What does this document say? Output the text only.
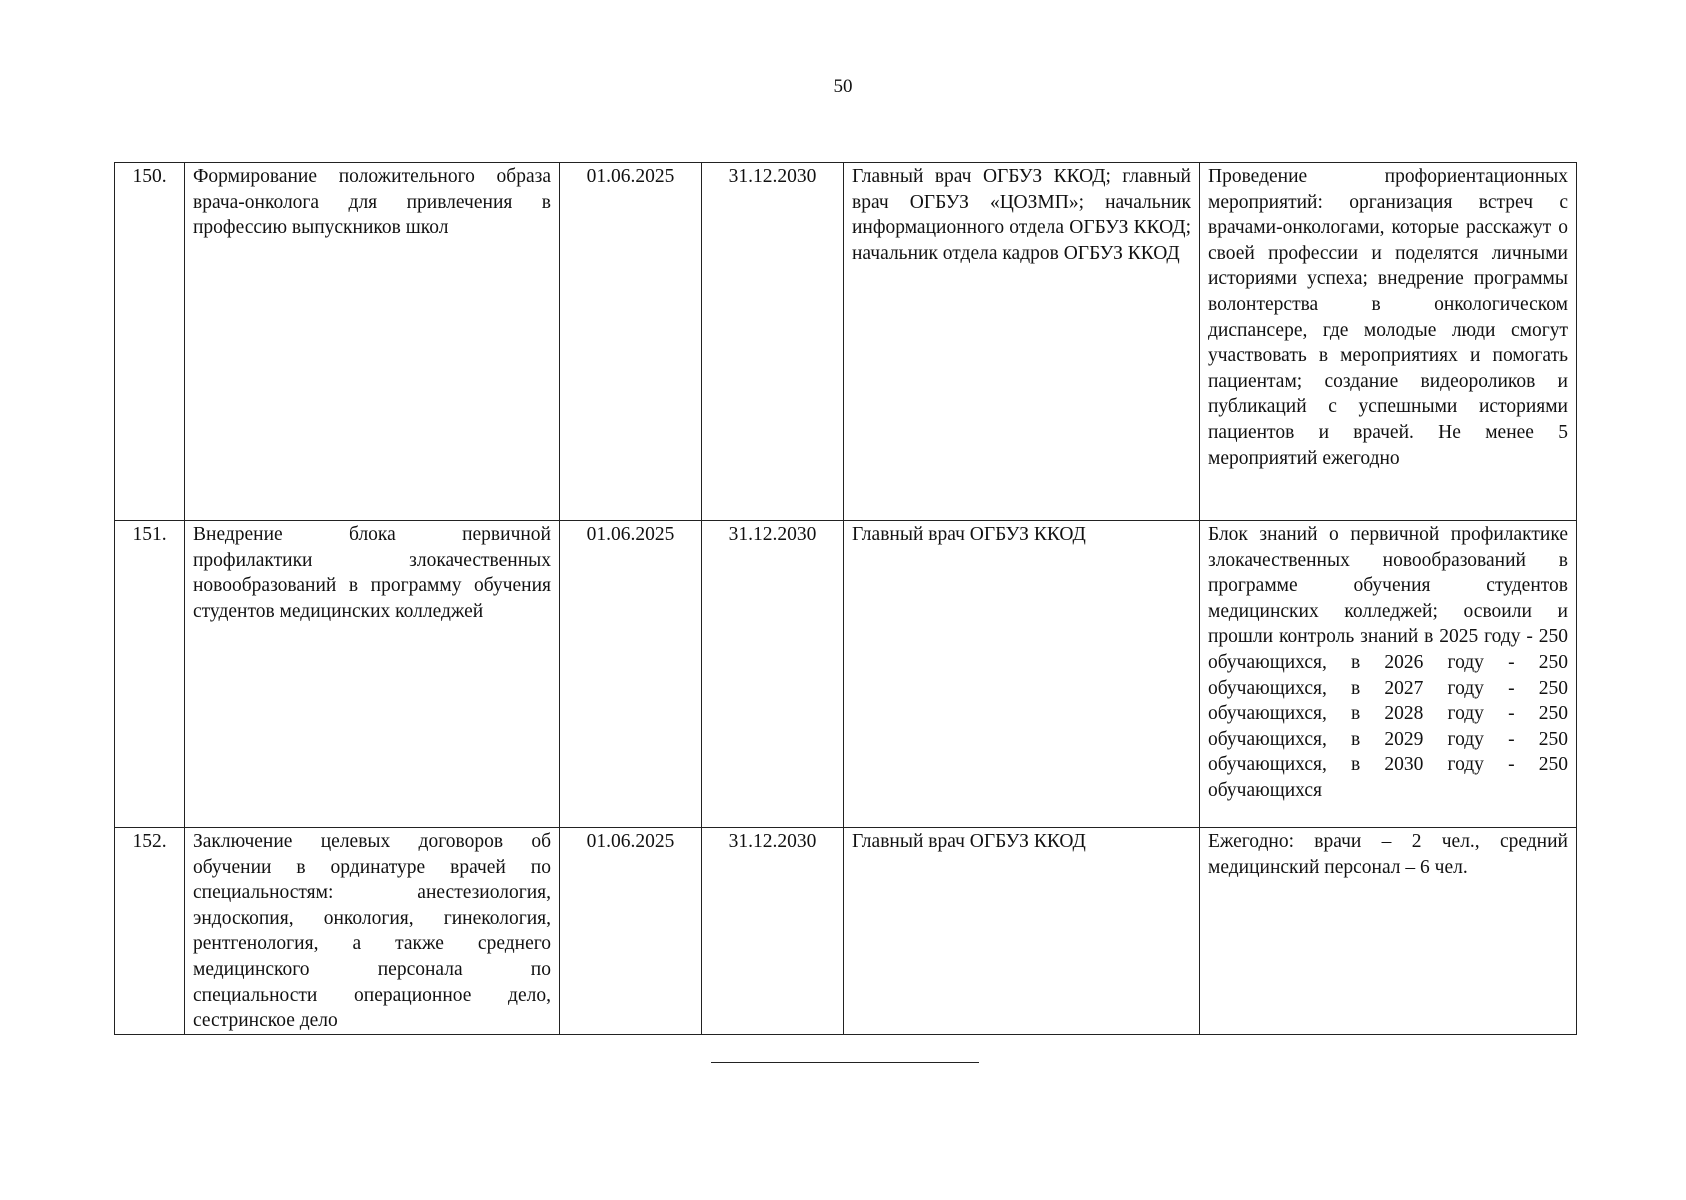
50
150.	Формирование положительного образа врача-онколога для привлечения в профессию выпускников школ	01.06.2025	31.12.2030	Главный врач ОГБУЗ ККОД; главный врач ОГБУЗ «ЦОЗМП»; начальник информационного отдела ОГБУЗ ККОД; начальник отдела кадров ОГБУЗ ККОД	Проведение профориентационных мероприятий: организация встреч с врачами-онкологами, которые расскажут о своей профессии и поделятся личными историями успеха; внедрение программы волонтерства в онкологическом диспансере, где молодые люди смогут участвовать в мероприятиях и помогать пациентам; создание видеороликов и публикаций с успешными историями пациентов и врачей. Не менее 5 мероприятий ежегодно
151.	Внедрение блока первичной профилактики злокачественных новообразований в программу обучения студентов медицинских колледжей	01.06.2025	31.12.2030	Главный врач ОГБУЗ ККОД	Блок знаний о первичной профилактике злокачественных новообразований в программе обучения студентов медицинских колледжей; освоили и прошли контроль знаний в 2025 году - 250 обучающихся, в 2026 году - 250 обучающихся, в 2027 году - 250 обучающихся, в 2028 году - 250 обучающихся, в 2029 году - 250 обучающихся, в 2030 году - 250 обучающихся
152.	Заключение целевых договоров об обучении в ординатуре врачей по специальностям: анестезиология, эндоскопия, онкология, гинекология, рентгенология, а также среднего медицинского персонала по специальности операционное дело, сестринское дело	01.06.2025	31.12.2030	Главный врач ОГБУЗ ККОД	Ежегодно: врачи – 2 чел., средний медицинский персонал – 6 чел.
